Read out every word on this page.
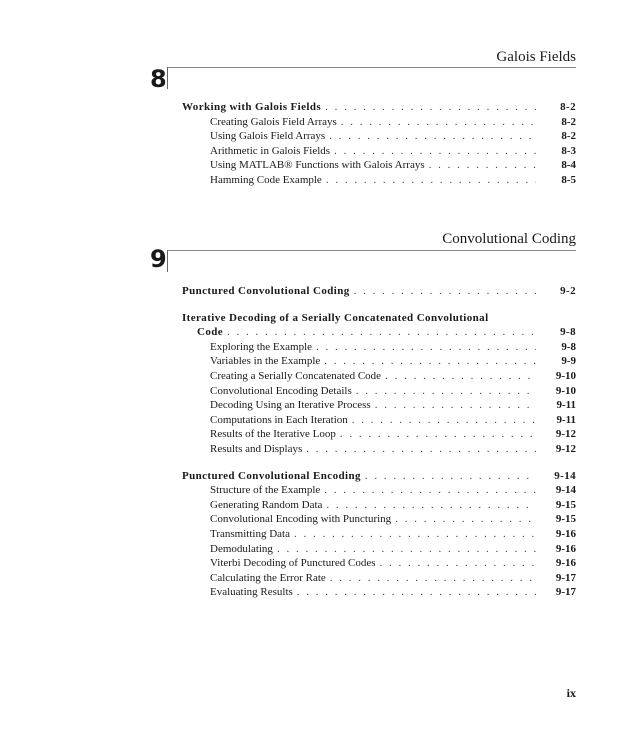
Galois Fields
8
Working with Galois Fields . . .	8-2
Creating Galois Field Arrays . . .	8-2
Using Galois Field Arrays . . .	8-2
Arithmetic in Galois Fields . . .	8-3
Using MATLAB® Functions with Galois Arrays . . .	8-4
Hamming Code Example . . .	8-5
Convolutional Coding
9
Punctured Convolutional Coding . . .	9-2
Iterative Decoding of a Serially Concatenated Convolutional
Code . . .	9-8
Exploring the Example . . .	9-8
Variables in the Example . . .	9-9
Creating a Serially Concatenated Code . . .	9-10
Convolutional Encoding Details . . .	9-10
Decoding Using an Iterative Process . . .	9-11
Computations in Each Iteration . . .	9-11
Results of the Iterative Loop . . .	9-12
Results and Displays . . .	9-12
Punctured Convolutional Encoding . . .	9-14
Structure of the Example . . .	9-14
Generating Random Data . . .	9-15
Convolutional Encoding with Puncturing . . .	9-15
Transmitting Data . . .	9-16
Demodulating . . .	9-16
Viterbi Decoding of Punctured Codes . . .	9-16
Calculating the Error Rate . . .	9-17
Evaluating Results . . .	9-17
ix
